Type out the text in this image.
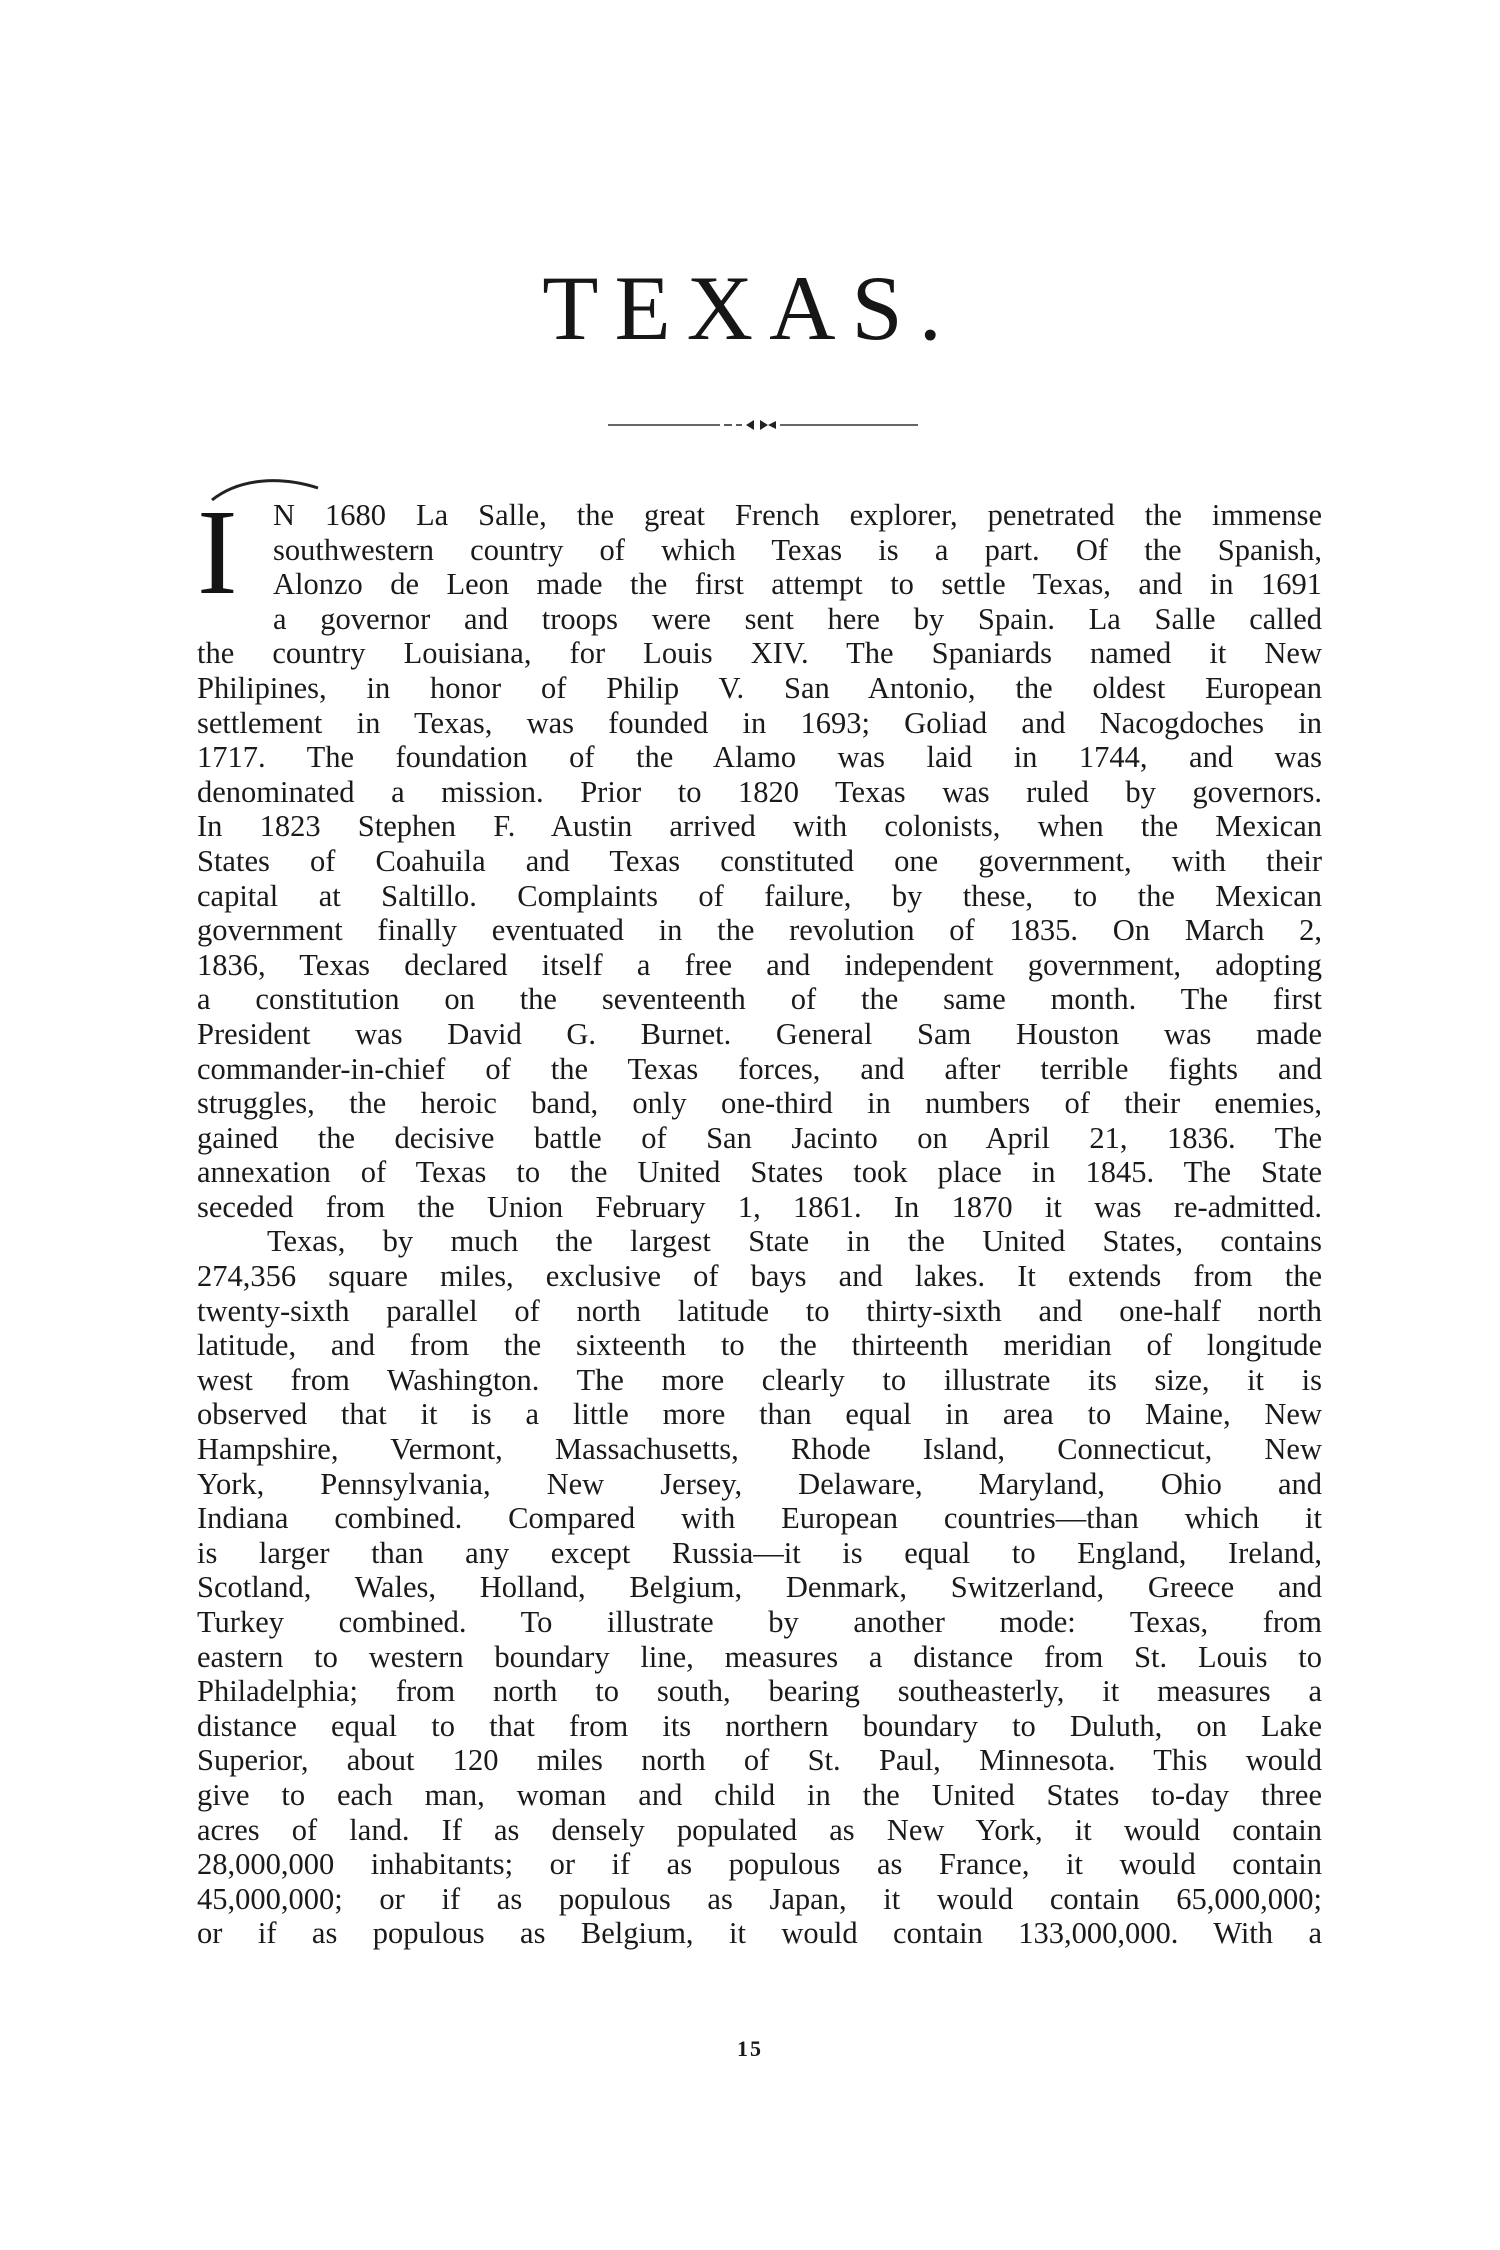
TEXAS.
I	N 1680 La Salle, the great French explorer, penetrated the immense
southwestern country of which Texas is a part. Of the Spanish,
Alonzo de Leon made the first attempt to settle Texas, and in 1691
a governor and troops were sent here by Spain. La Salle called
the country Louisiana, for Louis XIV. The Spaniards named it New
Philipines, in honor of Philip V. San Antonio, the oldest European
settlement in Texas, was founded in 1693; Goliad and Nacogdoches in
1717. The foundation of the Alamo was laid in 1744, and was
denominated a mission. Prior to 1820 Texas was ruled by governors.
In 1823 Stephen F. Austin arrived with colonists, when the Mexican
States of Coahuila and Texas constituted one government, with their
capital at Saltillo. Complaints of failure, by these, to the Mexican
government finally eventuated in the revolution of 1835. On March 2,
1836, Texas declared itself a free and independent government, adopting
a constitution on the seventeenth of the same month. The first
President was David G. Burnet. General Sam Houston was made
commander-in-chief of the Texas forces, and after terrible fights and
struggles, the heroic band, only one-third in numbers of their enemies,
gained the decisive battle of San Jacinto on April 21, 1836. The
annexation of Texas to the United States took place in 1845. The State
seceded from the Union February 1, 1861. In 1870 it was re-admitted.
Texas, by much the largest State in the United States, contains
274,356 square miles, exclusive of bays and lakes. It extends from the
twenty-sixth parallel of north latitude to thirty-sixth and one-half north
latitude, and from the sixteenth to the thirteenth meridian of longitude
west from Washington. The more clearly to illustrate its size, it is
observed that it is a little more than equal in area to Maine, New
Hampshire, Vermont, Massachusetts, Rhode Island, Connecticut, New
York, Pennsylvania, New Jersey, Delaware, Maryland, Ohio and
Indiana combined. Compared with European countries—than which it
is larger than any except Russia—it is equal to England, Ireland,
Scotland, Wales, Holland, Belgium, Denmark, Switzerland, Greece and
Turkey combined. To illustrate by another mode: Texas, from
eastern to western boundary line, measures a distance from St. Louis to
Philadelphia; from north to south, bearing southeasterly, it measures a
distance equal to that from its northern boundary to Duluth, on Lake
Superior, about 120 miles north of St. Paul, Minnesota. This would
give to each man, woman and child in the United States to-day three
acres of land. If as densely populated as New York, it would contain
28,000,000 inhabitants; or if as populous as France, it would contain
45,000,000; or if as populous as Japan, it would contain 65,000,000;
or if as populous as Belgium, it would contain 133,000,000. With a
15
